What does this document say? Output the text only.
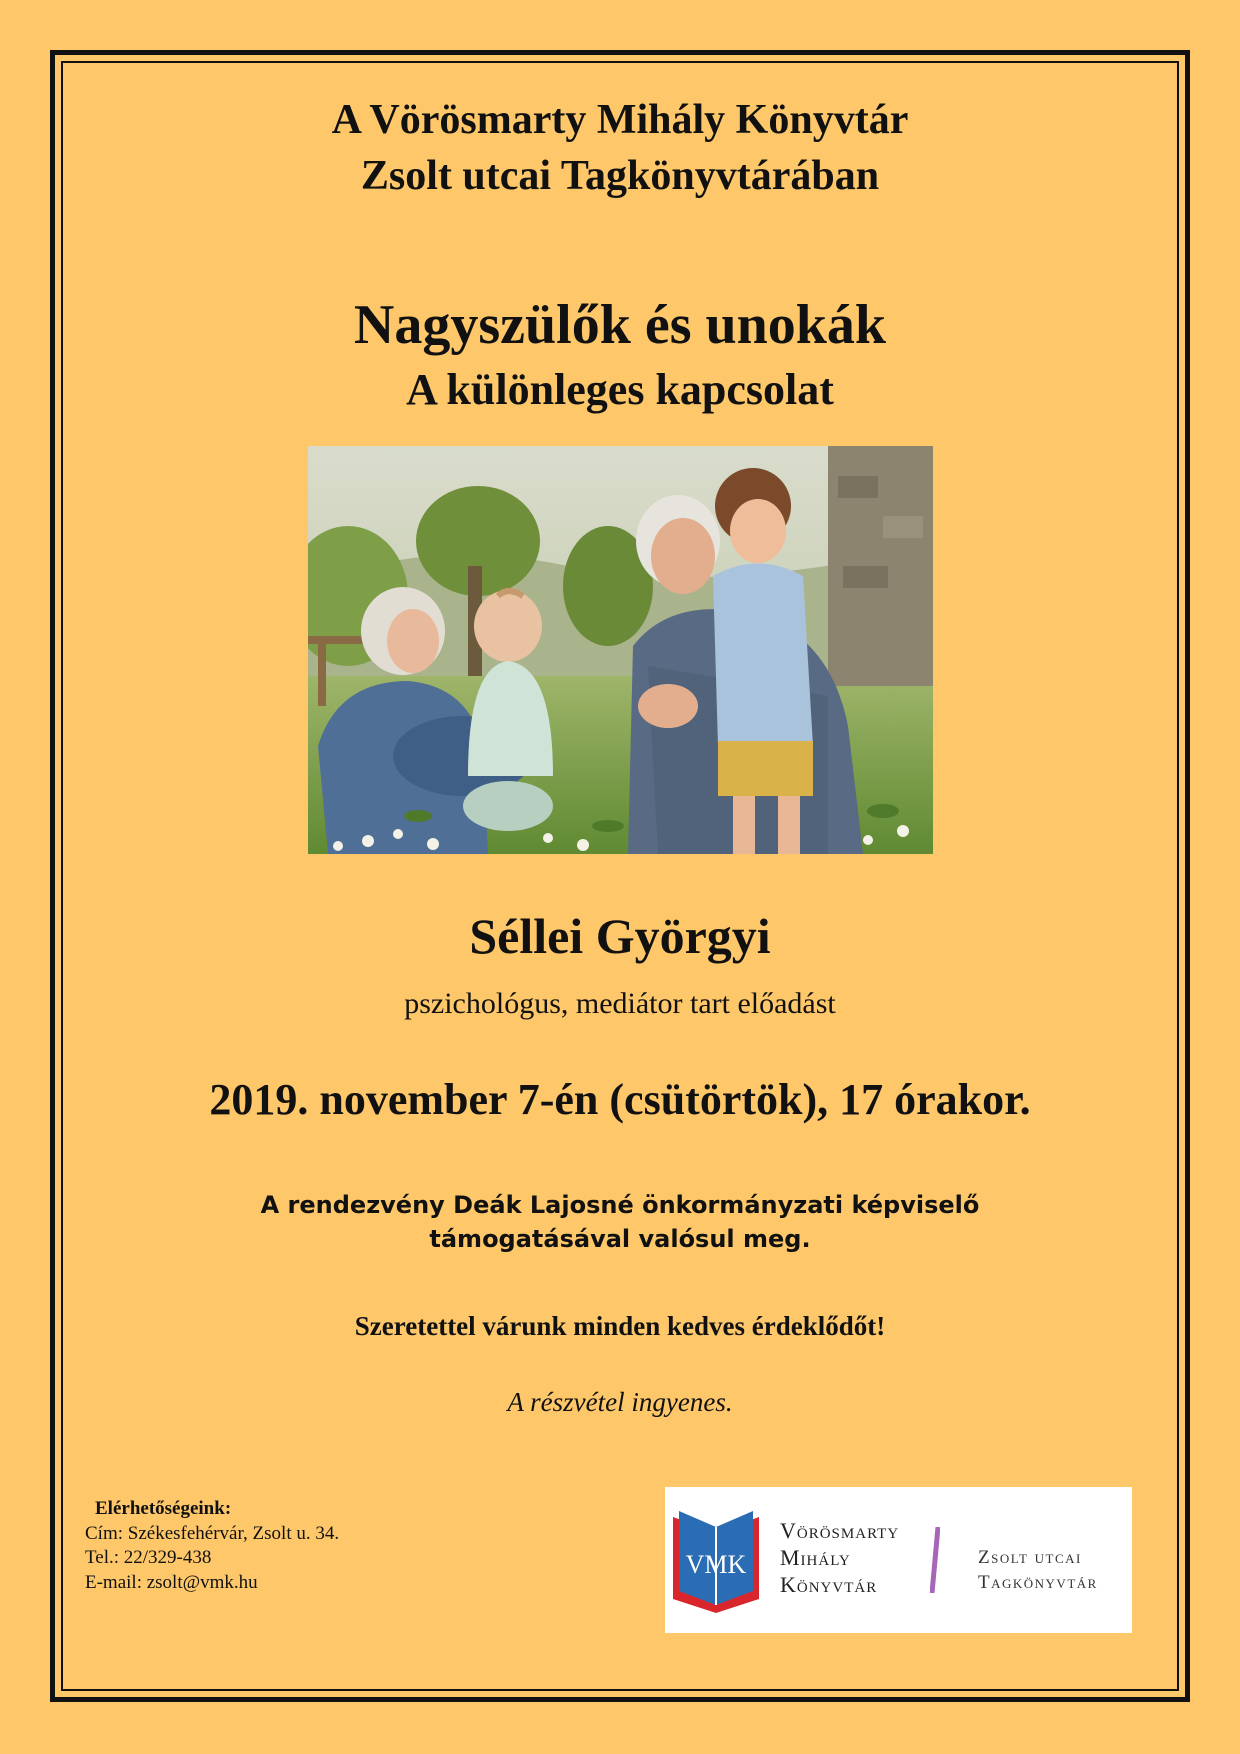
A Vörösmarty Mihály Könyvtár
Zsolt utcai Tagkönyvtárában
Nagyszülők és unokák
A különleges kapcsolat
Séllei Györgyi
pszichológus, mediátor tart előadást
2019. november 7-én (csütörtök), 17 órakor.
A rendezvény Deák Lajosné önkormányzati képviselő
támogatásával valósul meg.
Szeretettel várunk minden kedves érdeklődőt!
A részvétel ingyenes.
Elérhetőségeink:
Cím: Székesfehérvár, Zsolt u. 34.
Tel.: 22/329-438
E-mail: zsolt@vmk.hu
VMK
Vörösmarty
Mihály
Könyvtár
Zsolt utcai
Tagkönyvtár
